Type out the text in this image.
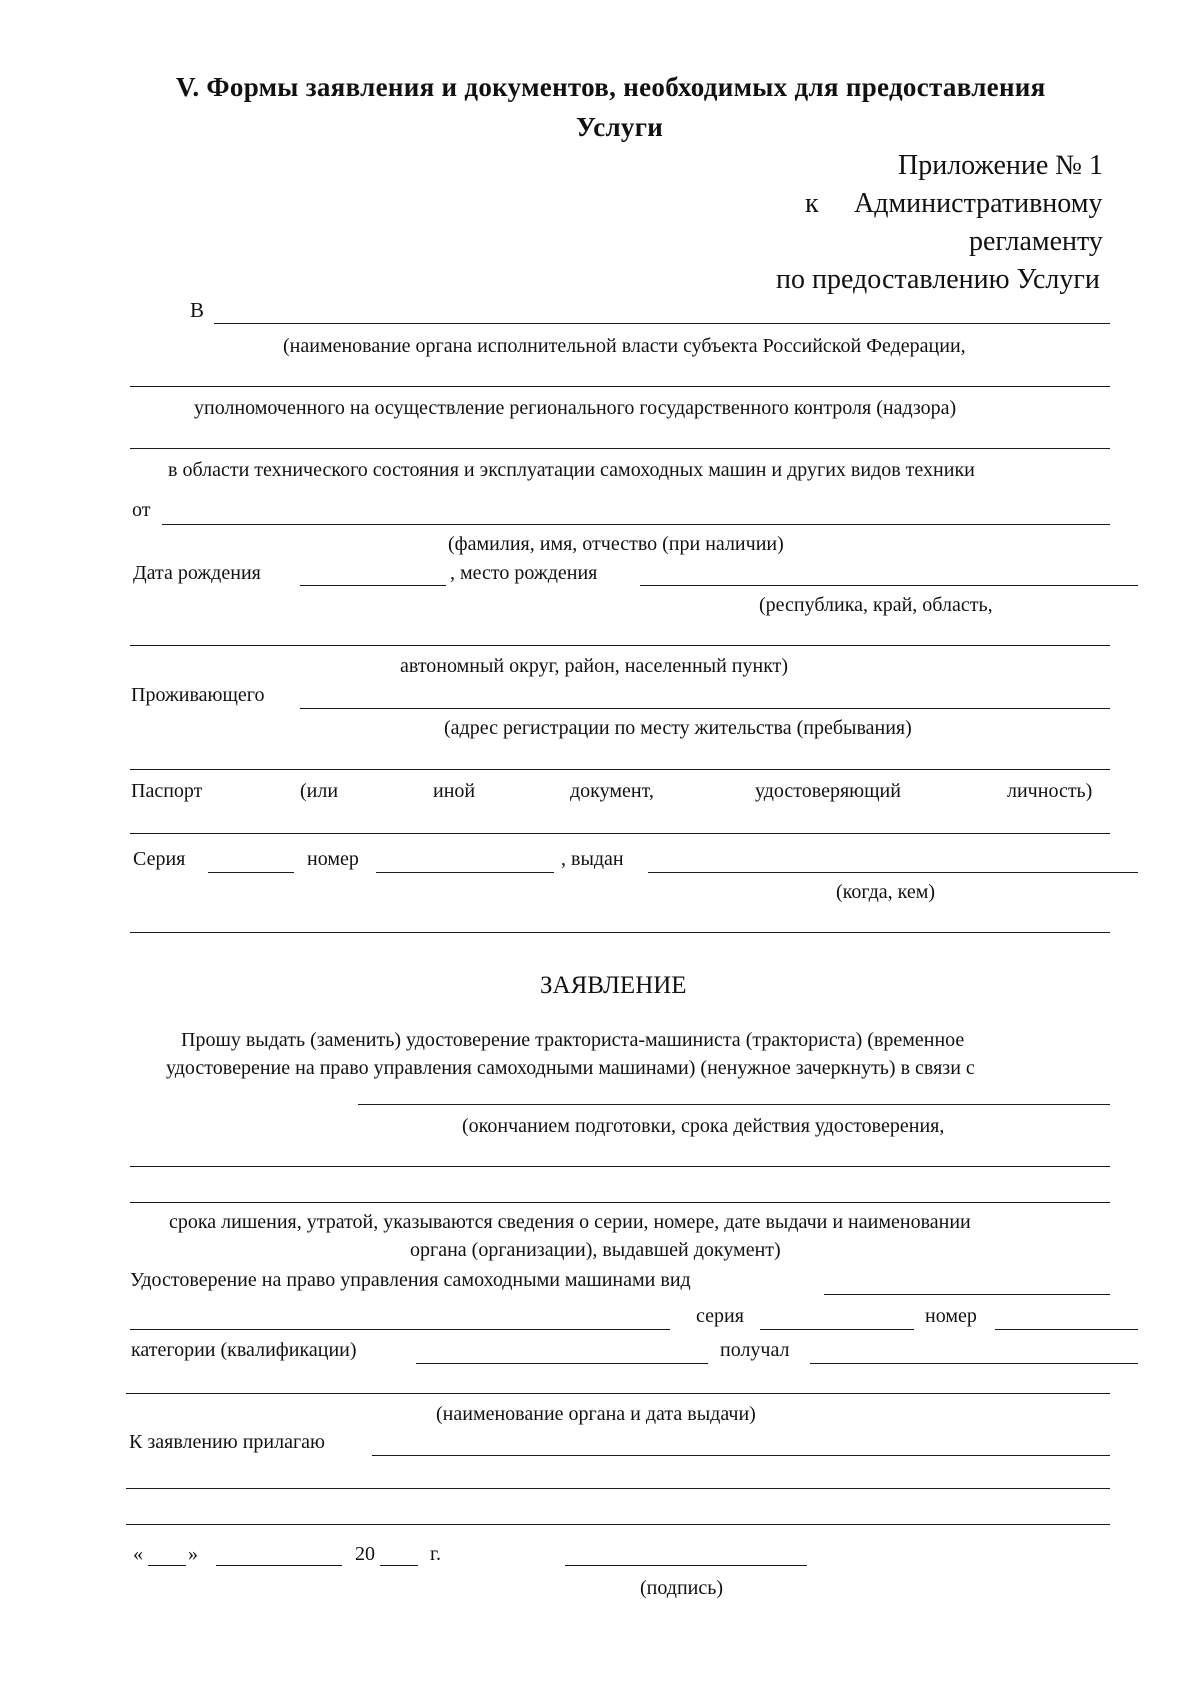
V. Формы заявления и документов, необходимых для предоставления
Услуги
Приложение № 1
к Административному
регламенту
по предоставлению Услуги
В
(наименование органа исполнительной власти субъекта Российской Федерации,
уполномоченного на осуществление регионального государственного контроля (надзора)
в области технического состояния и эксплуатации самоходных машин и других видов техники
от
(фамилия, имя, отчество (при наличии)
Дата рождения	, место рождения
(республика, край, область,
автономный округ, район, населенный пункт)
Проживающего
(адрес регистрации по месту жительства (пребывания)
Паспорт	(или	иной	документ,	удостоверяющий	личность)
Серия	номер	, выдан
(когда, кем)
ЗАЯВЛЕНИЕ
Прошу выдать (заменить) удостоверение тракториста-машиниста (тракториста) (временное
удостоверение на право управления самоходными машинами) (ненужное зачеркнуть) в связи с
(окончанием подготовки, срока действия удостоверения,
срока лишения, утратой, указываются сведения о серии, номере, дате выдачи и наименовании
органа (организации), выдавшей документ)
Удостоверение на право управления самоходными машинами вид
серия	номер
категории (квалификации)	получал
(наименование органа и дата выдачи)
К заявлению прилагаю
« »	20	г.
(подпись)
